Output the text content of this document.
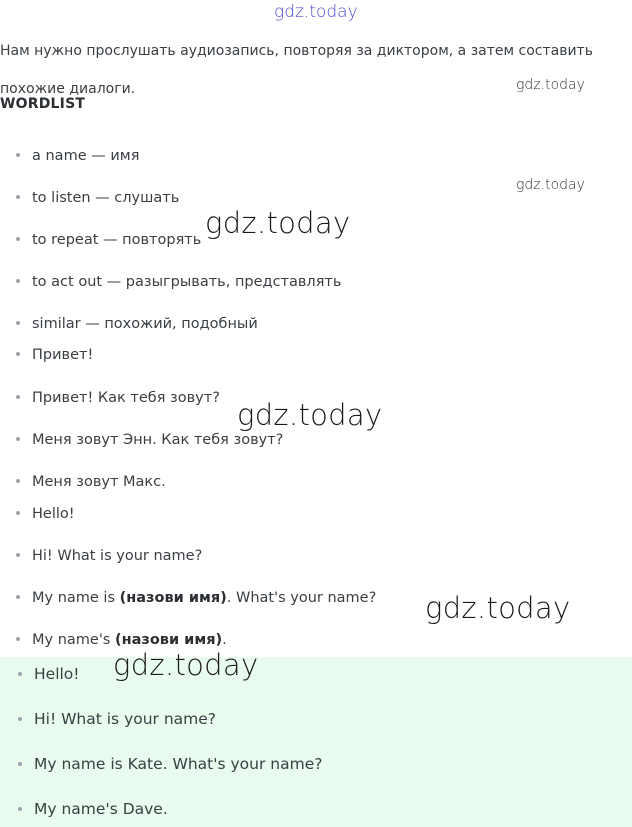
gdz.today
Нам нужно прослушать аудиозапись, повторяя за диктором, а затем составить
похожие диалоги.
WORDLIST
a name — имя
to listen — слушать
to repeat — повторять
to act out — разыгрывать, представлять
similar — похожий, подобный
Привет!
Привет! Как тебя зовут?
Меня зовут Энн. Как тебя зовут?
Меня зовут Макс.
Hello!
Hi! What is your name?
My name is (назови имя). What's your name?
My name's (назови имя).
Hello!
Hi! What is your name?
My name is Kate. What's your name?
My name's Dave.
gdz.today
gdz.today
gdz.today
gdz.today
gdz.today
gdz.today
